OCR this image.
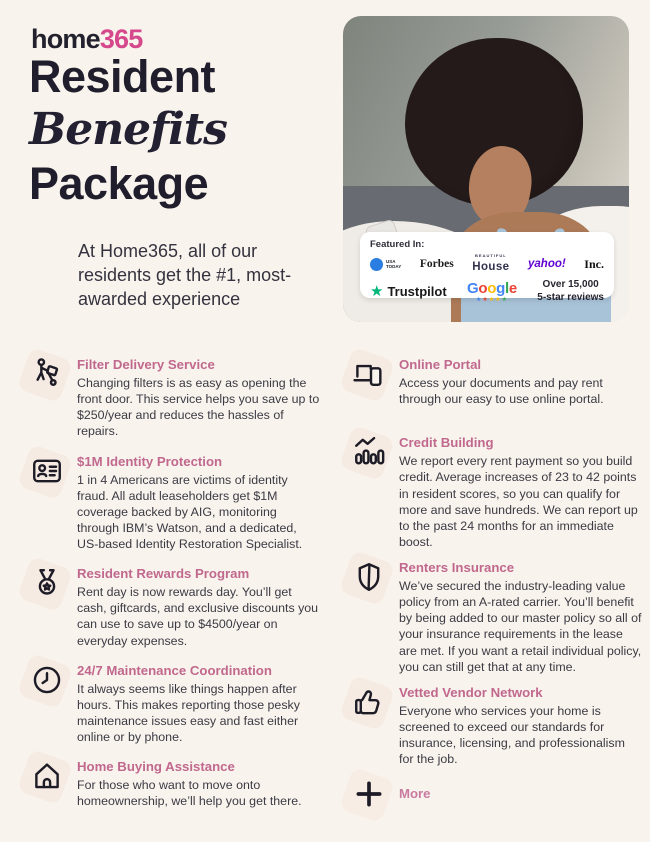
home365
Resident
Benefits
Package
At Home365, all of our residents get the #1, most-awarded experience
Featured In:
USA
TODAY Forbes
BEAUTIFUL
House yahoo! Inc.
★ Trustpilot Google
★★★★★
Over 15,000
5-star reviews
Filter Delivery Service
Changing filters is as easy as opening the front door. This service helps you save up to $250/year and reduces the hassles of repairs.
$1M Identity Protection
1 in 4 Americans are victims of identity fraud. All adult leaseholders get $1M coverage backed by AIG, monitoring through IBM’s Watson, and a dedicated, US-based Identity Restoration Specialist.
Resident Rewards Program
Rent day is now rewards day. You’ll get cash, giftcards, and exclusive discounts you can use to save up to $4500/year on everyday expenses.
24/7 Maintenance Coordination
It always seems like things happen after hours. This makes reporting those pesky maintenance issues easy and fast either online or by phone.
Home Buying Assistance
For those who want to move onto homeownership, we’ll help you get there.
Online Portal
Access your documents and pay rent through our easy to use online portal.
Credit Building
We report every rent payment so you build credit. Average increases of 23 to 42 points in resident scores, so you can qualify for more and save hundreds. We can report up to the past 24 months for an immediate boost.
Renters Insurance
We’ve secured the industry-leading value policy from an A-rated carrier. You’ll benefit by being added to our master policy so all of your insurance requirements in the lease are met. If you want a retail individual policy, you can still get that at any time.
Vetted Vendor Network
Everyone who services your home is screened to exceed our standards for insurance, licensing, and professionalism for the job.
More
